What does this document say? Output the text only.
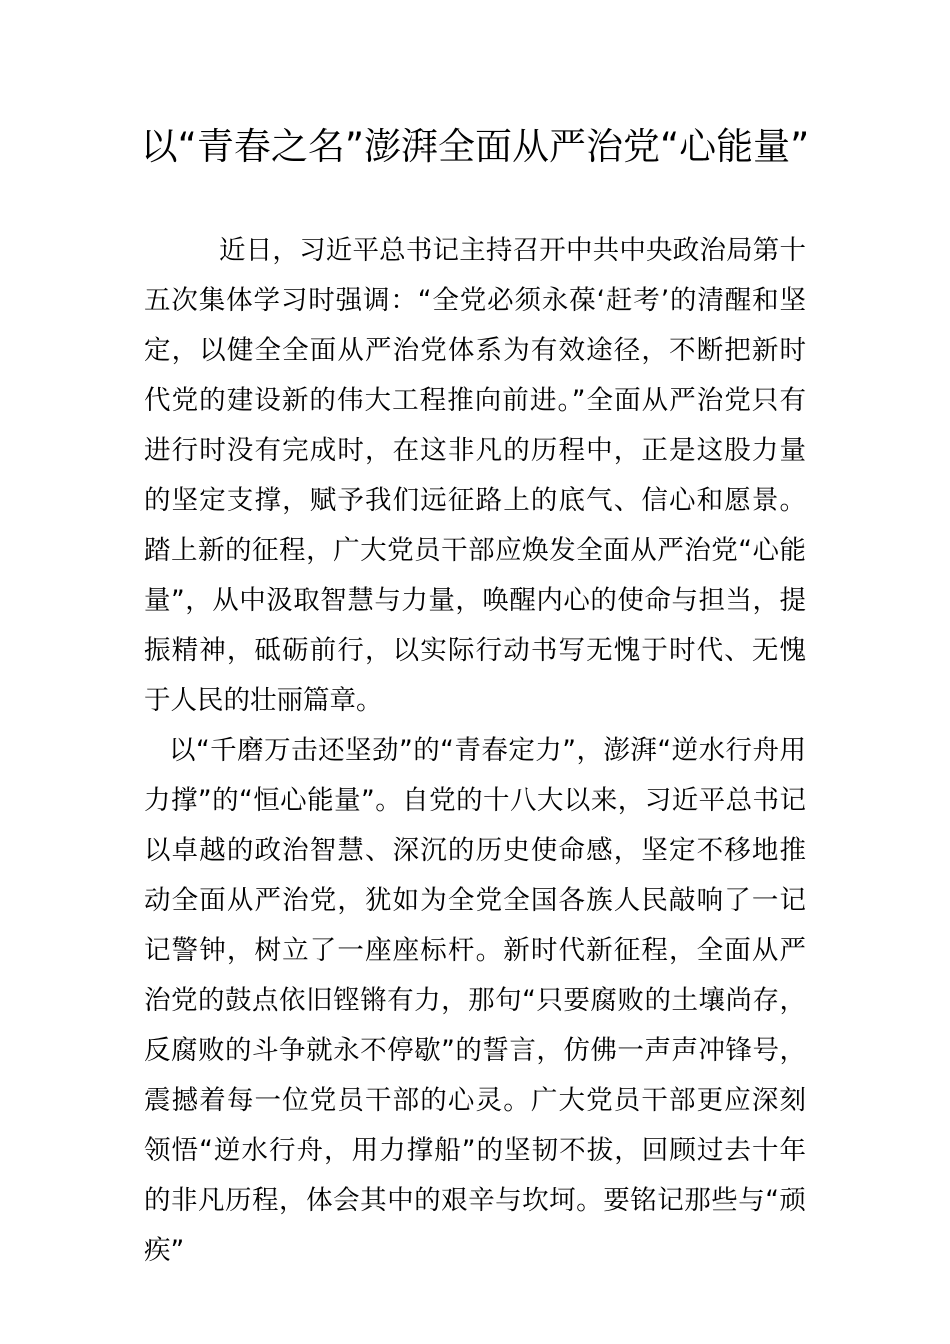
以“青春之名”澎湃全面从严治党“心能量”

近日，习近平总书记主持召开中共中央政治局第十五次集体学习时强调：“全党必须永葆‘赶考’的清醒和坚定，以健全全面从严治党体系为有效途径，不断把新时代党的建设新的伟大工程推向前进。”全面从严治党只有进行时没有完成时，在这非凡的历程中，正是这股力量的坚定支撑，赋予我们远征路上的底气、信心和愿景。踏上新的征程，广大党员干部应焕发全面从严治党“心能量”，从中汲取智慧与力量，唤醒内心的使命与担当，提振精神，砥砺前行，以实际行动书写无愧于时代、无愧于人民的壮丽篇章。

以“千磨万击还坚劲”的“青春定力”，澎湃“逆水行舟用力撑”的“恒心能量”。自党的十八大以来，习近平总书记以卓越的政治智慧、深沉的历史使命感，坚定不移地推动全面从严治党，犹如为全党全国各族人民敲响了一记记警钟，树立了一座座标杆。新时代新征程，全面从严治党的鼓点依旧铿锵有力，那句“只要腐败的土壤尚存，反腐败的斗争就永不停歇”的誓言，仿佛一声声冲锋号，震撼着每一位党员干部的心灵。广大党员干部更应深刻领悟“逆水行舟，用力撑船”的坚韧不拔，回顾过去十年的非凡历程，体会其中的艰辛与坎坷。要铭记那些与“顽疾”
